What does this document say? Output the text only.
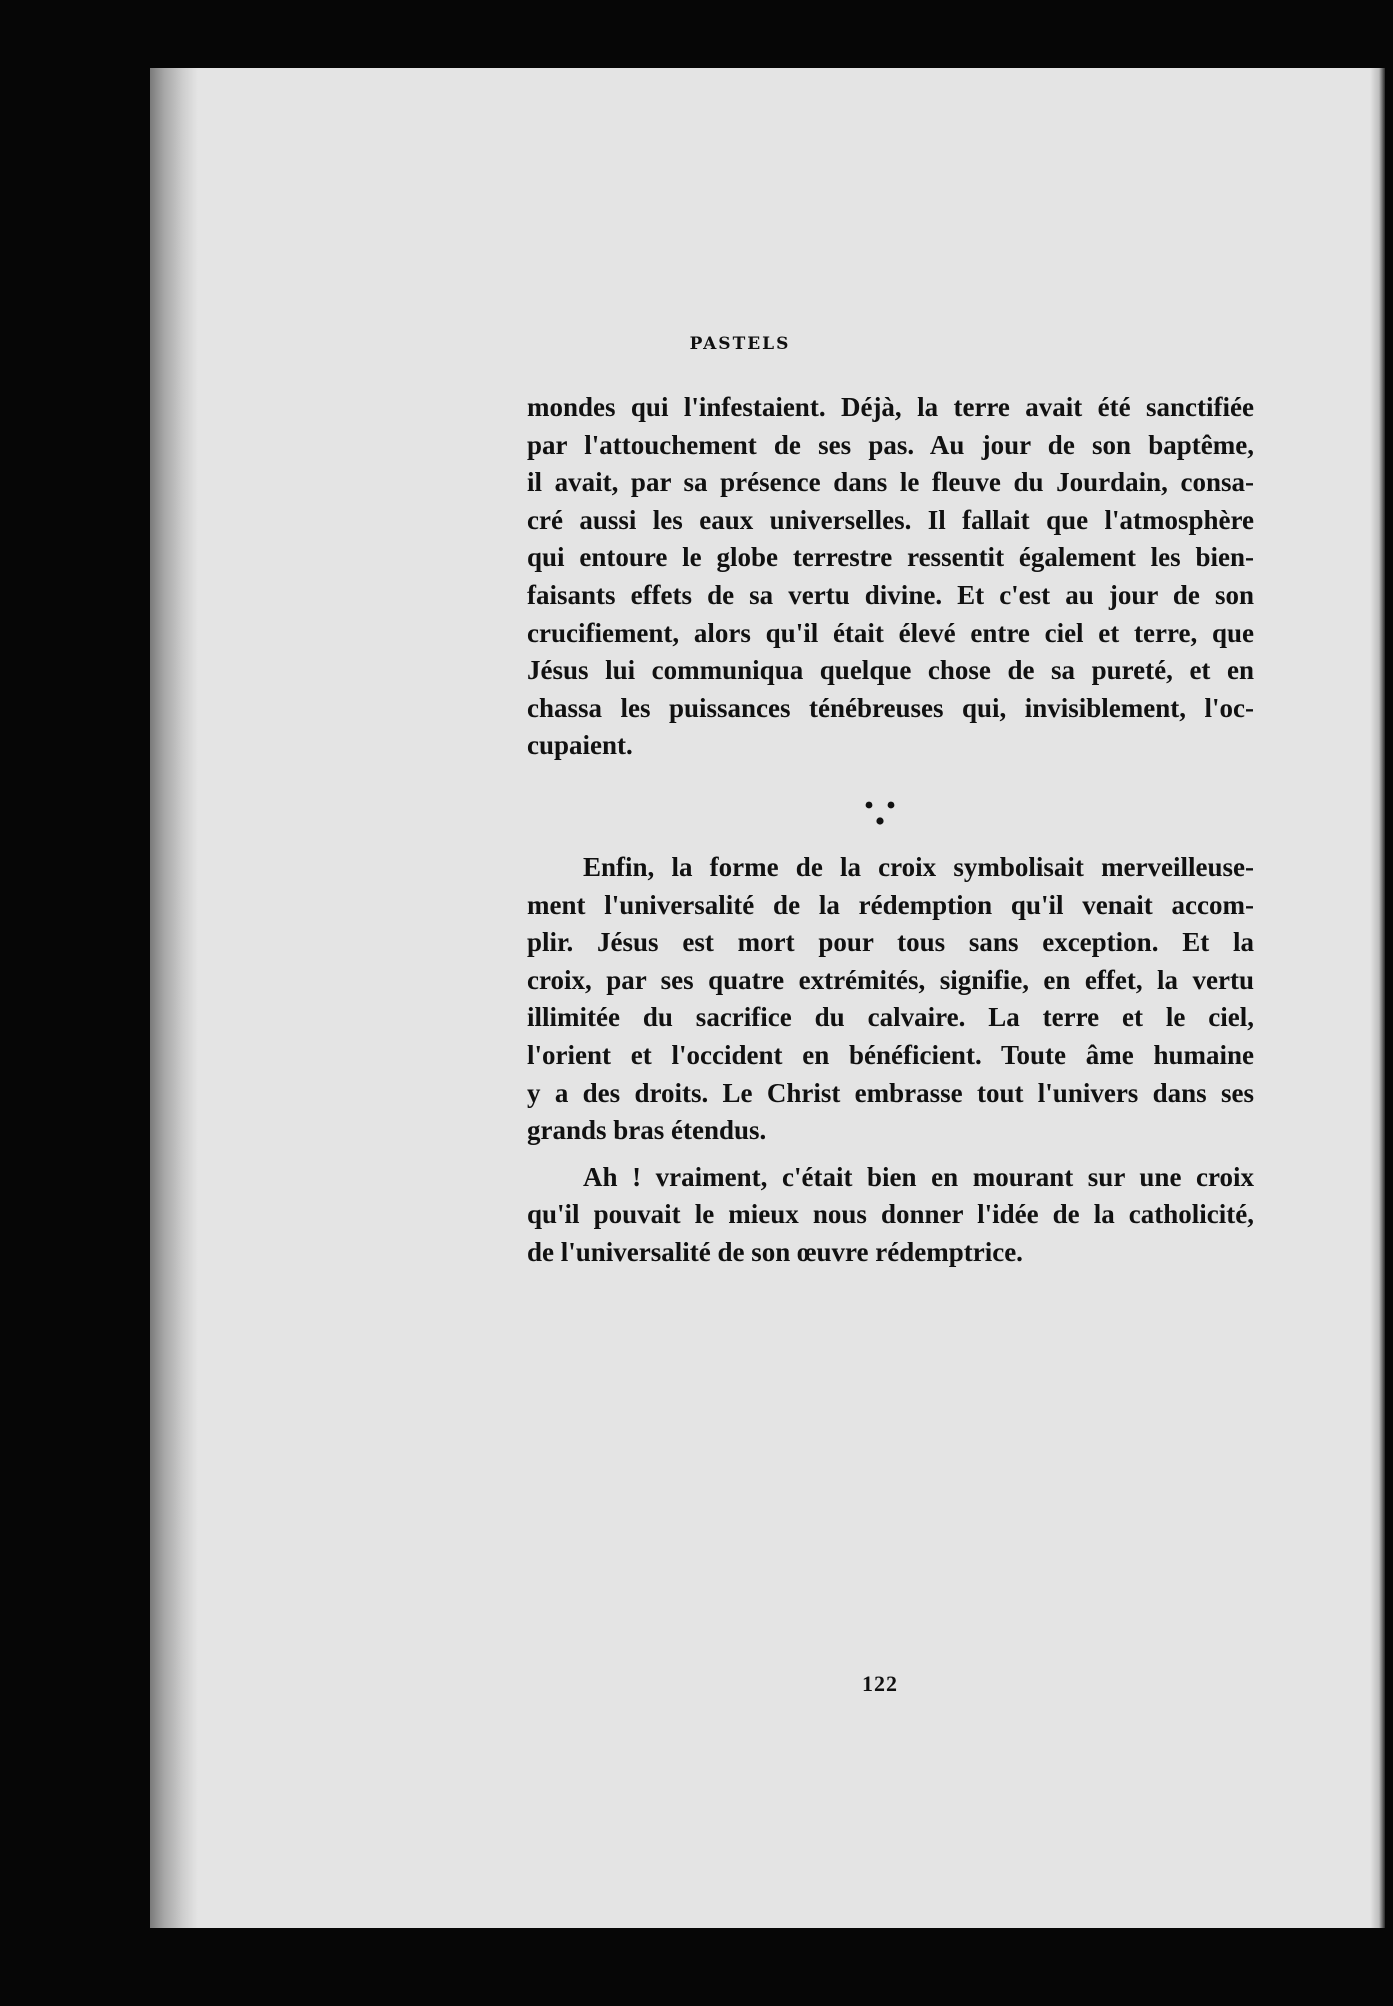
PASTELS

mondes qui l'infestaient. Déjà, la terre avait été sanctifiée
par l'attouchement de ses pas. Au jour de son baptême,
il avait, par sa présence dans le fleuve du Jourdain, consa-
cré aussi les eaux universelles. Il fallait que l'atmosphère
qui entoure le globe terrestre ressentit également les bien-
faisants effets de sa vertu divine. Et c'est au jour de son
crucifiement, alors qu'il était élevé entre ciel et terre, que
Jésus lui communiqua quelque chose de sa pureté, et en
chassa les puissances ténébreuses qui, invisiblement, l'oc-
cupaient.

Enfin, la forme de la croix symbolisait merveilleuse-
ment l'universalité de la rédemption qu'il venait accom-
plir. Jésus est mort pour tous sans exception. Et la
croix, par ses quatre extrémités, signifie, en effet, la vertu
illimitée du sacrifice du calvaire. La terre et le ciel,
l'orient et l'occident en bénéficient. Toute âme humaine
y a des droits. Le Christ embrasse tout l'univers dans ses
grands bras étendus.

Ah ! vraiment, c'était bien en mourant sur une croix
qu'il pouvait le mieux nous donner l'idée de la catholicité,
de l'universalité de son œuvre rédemptrice.

122
